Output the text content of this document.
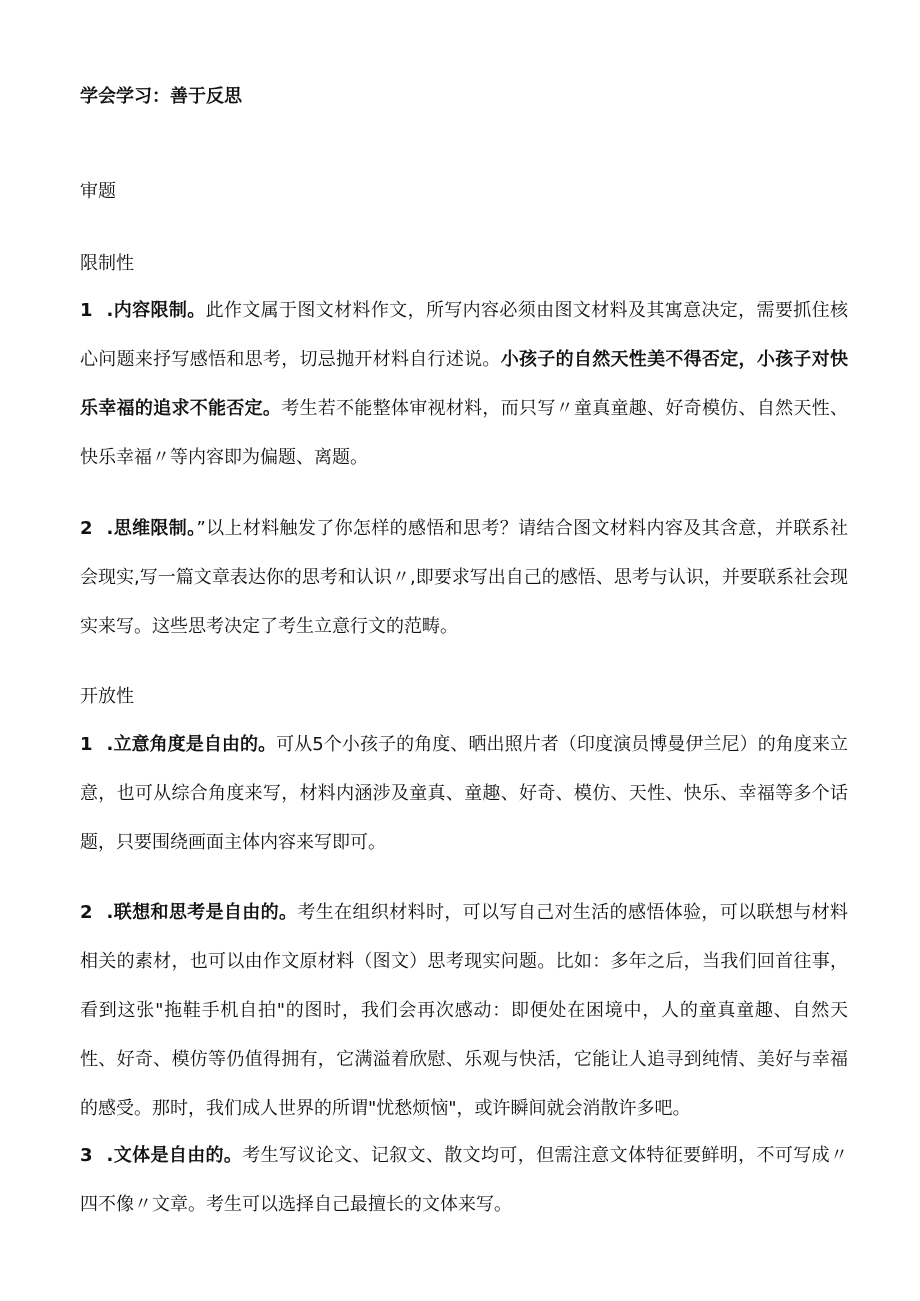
学会学习：善于反思
审题
限制性
1 .内容限制。此作文属于图文材料作文，所写内容必须由图文材料及其寓意决定，需要抓住核心问题来抒写感悟和思考，切忌抛开材料自行述说。小孩子的自然天性美不得否定，小孩子对快乐幸福的追求不能否定。考生若不能整体审视材料，而只写〃童真童趣、好奇模仿、自然天性、快乐幸福〃等内容即为偏题、离题。
2 .思维限制。”以上材料触发了你怎样的感悟和思考？请结合图文材料内容及其含意，并联系社会现实,写一篇文章表达你的思考和认识〃,即要求写出自己的感悟、思考与认识，并要联系社会现实来写。这些思考决定了考生立意行文的范畴。
开放性
1 .立意角度是自由的。可从5个小孩子的角度、晒出照片者（印度演员博曼伊兰尼）的角度来立意，也可从综合角度来写，材料内涵涉及童真、童趣、好奇、模仿、天性、快乐、幸福等多个话题，只要围绕画面主体内容来写即可。
2 .联想和思考是自由的。考生在组织材料时，可以写自己对生活的感悟体验，可以联想与材料相关的素材，也可以由作文原材料（图文）思考现实问题。比如：多年之后，当我们回首往事，看到这张"拖鞋手机自拍"的图时，我们会再次感动：即便处在困境中，人的童真童趣、自然天性、好奇、模仿等仍值得拥有，它满溢着欣慰、乐观与快活，它能让人追寻到纯情、美好与幸福的感受。那时，我们成人世界的所谓"忧愁烦恼"，或许瞬间就会消散许多吧。
3 .文体是自由的。考生写议论文、记叙文、散文均可，但需注意文体特征要鲜明，不可写成〃四不像〃文章。考生可以选择自己最擅长的文体来写。
